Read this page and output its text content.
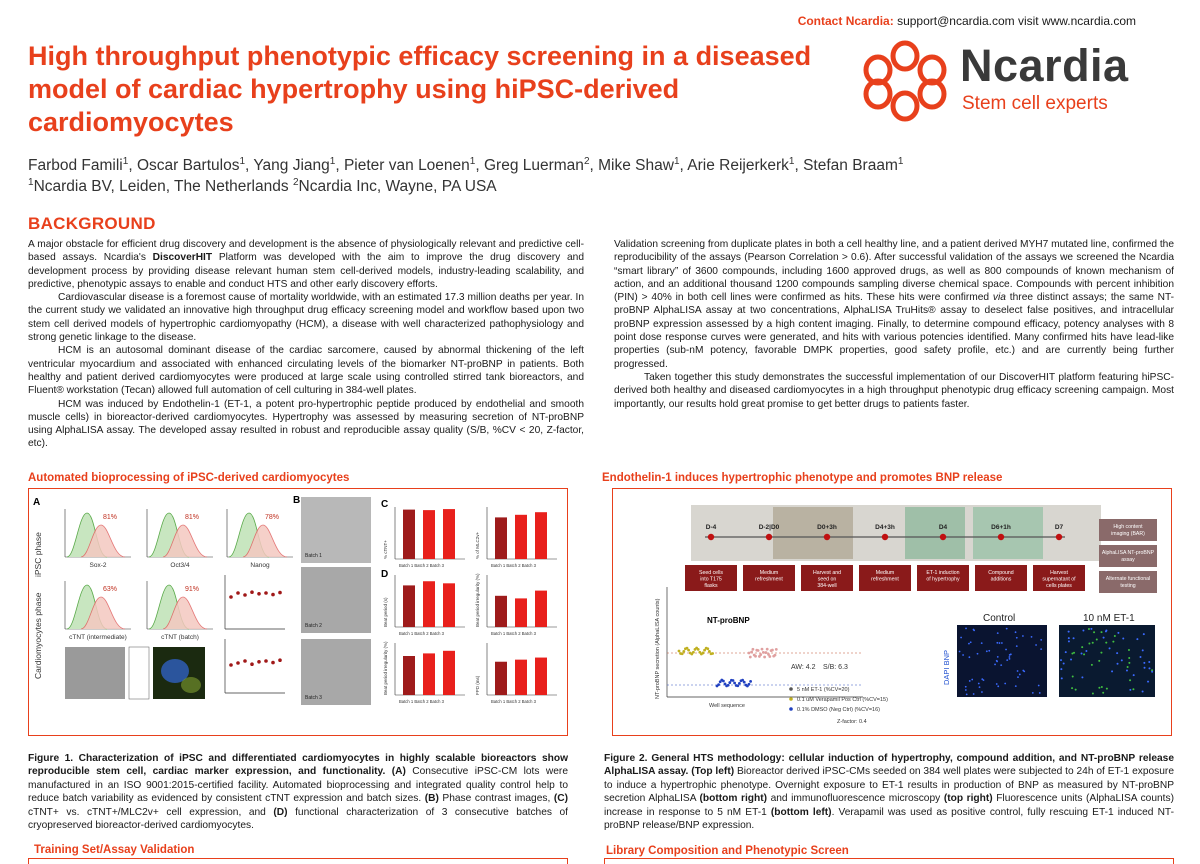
Contact Ncardia: support@ncardia.com visit www.ncardia.com
High throughput phenotypic efficacy screening in a diseased model of cardiac hypertrophy using hiPSC-derived cardiomyocytes
Ncardia
Stem cell experts
Farbod Famili$^1$, Oscar Bartulos$^1$, Yang Jiang$^1$, Pieter van Loenen$^1$, Greg Luerman$^2$, Mike Shaw$^1$, Arie Reijerkerk$^1$, Stefan Braam$^1$
$^1$Ncardia BV, Leiden, The Netherlands $^2$Ncardia Inc, Wayne, PA USA
BACKGROUND

A major obstacle for efficient drug discovery and development is the absence of physiologically relevant and predictive cell-based assays. Ncardia's DiscoverHIT Platform was developed with the aim to improve the drug discovery and development process by providing disease relevant human stem cell-derived models, industry-leading scalability, and predictive, phenotypic assays to enable and conduct HTS and other early discovery efforts.

Cardiovascular disease is a foremost cause of mortality worldwide, with an estimated 17.3 million deaths per year. In the current study we validated an innovative high throughput drug efficacy screening model and workflow based upon two stem cell derived models of hypertrophic cardiomyopathy (HCM), a disease with well characterized pathophysiology and strong genetic linkage to the disease.

HCM is an autosomal dominant disease of the cardiac sarcomere, caused by abnormal thickening of the left ventricular myocardium and associated with enhanced circulating levels of the biomarker NT-proBNP in patients. Both healthy and patient derived cardiomyocytes were produced at large scale using controlled stirred tank bioreactors, and Fluent® workstation (Tecan) allowed full automation of cell culturing in 384-well plates.

HCM was induced by Endothelin-1 (ET-1, a potent pro-hypertrophic peptide produced by endothelial and smooth muscle cells) in bioreactor-derived cardiomyocytes. Hypertrophy was assessed by measuring secretion of NT-proBNP using AlphaLISA assay. The developed assay resulted in robust and reproducible assay quality (S/B, %CV < 20, Z-factor, etc).

Validation screening from duplicate plates in both a cell healthy line, and a patient derived MYH7 mutated line, confirmed the reproducibility of the assays (Pearson Correlation > 0.6). After successful validation of the assays we screened the Ncardia “smart library” of 3600 compounds, including 1600 approved drugs, as well as 800 compounds of known mechanism of action, and an additional thousand 1200 compounds sampling diverse chemical space. Compounds with percent inhibition (PIN) > 40% in both cell lines were confirmed as hits. These hits were confirmed via three distinct assays; the same NT-proBNP AlphaLISA assay at two concentrations, AlphaLISA TruHits® assay to deselect false positives, and intracellular proBNP expression assessed by a high content imaging. Finally, to determine compound efficacy, potency analyses with 8 point dose response curves were generated, and hits with various potencies identified. Many confirmed hits have lead-like properties (sub-nM potency, favorable DMPK properties, good safety profile, etc.) and are currently being further progressed.

Taken together this study demonstrates the successful implementation of our DiscoverHIT platform featuring hiPSC-derived both healthy and diseased cardiomyocytes in a high throughput phenotypic drug efficacy screening campaign. Most importantly, our results hold great promise to get better drugs to patients faster.

Automated bioprocessing of iPSC-derived cardiomyocytes
A	B	C
D
iPSC phase
Cardiomyocytes phase
81%
Sox-2
81%
Oct3/4
78%
Nanog
63%
cTNT (intermediate)
91%
cTNT (batch)
Batch 1
Batch 2
Batch 3
% cTNT+
Batch 1 Batch 2 Batch 3
% of MLC2v+
Batch 1 Batch 2 Batch 3
Beat period (s)
Batch 1 Batch 2 Batch 3
Beat period irregularity (%)
Batch 1 Batch 2 Batch 3
Beat period irregularity (%)
Batch 1 Batch 2 Batch 3
FPD (ms)
Batch 1 Batch 2 Batch 3
Figure 1. Characterization of iPSC and differentiated cardiomyocytes in highly scalable bioreactors show reproducible stem cell, cardiac marker expression, and functionality. (A) Consecutive iPSC-CM lots were manufactured in an ISO 9001:2015-certified facility. Automated bioprocessing and integrated quality control help to reduce batch variability as evidenced by consistent cTNT expression and batch sizes. (B) Phase contrast images, (C) cTNT+ vs. cTNT+/MLC2v+ cell expression, and (D) functional characterization of 3 consecutive batches of cryopreserved bioreactor-derived cardiomyocytes.
Endothelin-1 induces hypertrophic phenotype and promotes BNP release
D-4
Seed cells
into T175
flasks
D-2|D0
Medium
refreshment
D0+3h
Harvest and
seed on
384-well
D4+3h
Medium
refreshment
D4
ET-1 induction
of hypertrophy
D6+1h
Compound
additions
D7
Harvest
supernatant of
cells plates
High content
imaging (BAR)
AlphaLISA NT-proBNP
assay
Alternate functional
testing
NT-proBNP
NT-proBNP secretion (AlphaLISA counts)
Well sequence
AW: 4.2 S/B: 6.3
Z-factor: 0.4
5 nM ET-1 (%CV=20)
0.1 uM Verapamil Pos Ctrl (%CV=15)
0.1% DMSO (Neg Ctrl) (%CV=16)
Control	10 nM ET-1
DAPI BNP
Figure 2. General HTS methodology: cellular induction of hypertrophy, compound addition, and NT-proBNP release AlphaLISA assay. (Top left) Bioreactor derived iPSC-CMs seeded on 384 well plates were subjected to 24h of ET-1 exposure to induce a hypertrophic phenotype. Overnight exposure to ET-1 results in production of BNP as measured by NT-proBNP secretion AlphaLISA (bottom right) and immunofluorescence microscopy (top right) Fluorescence units (AlphaLISA counts) increase in response to 5 nM ET-1 (bottom left). Verapamil was used as positive control, fully rescuing ET-1 induced NT-proBNP release/BNP expression.
Training Set/Assay Validation	Library Composition and Phenotypic Screen
